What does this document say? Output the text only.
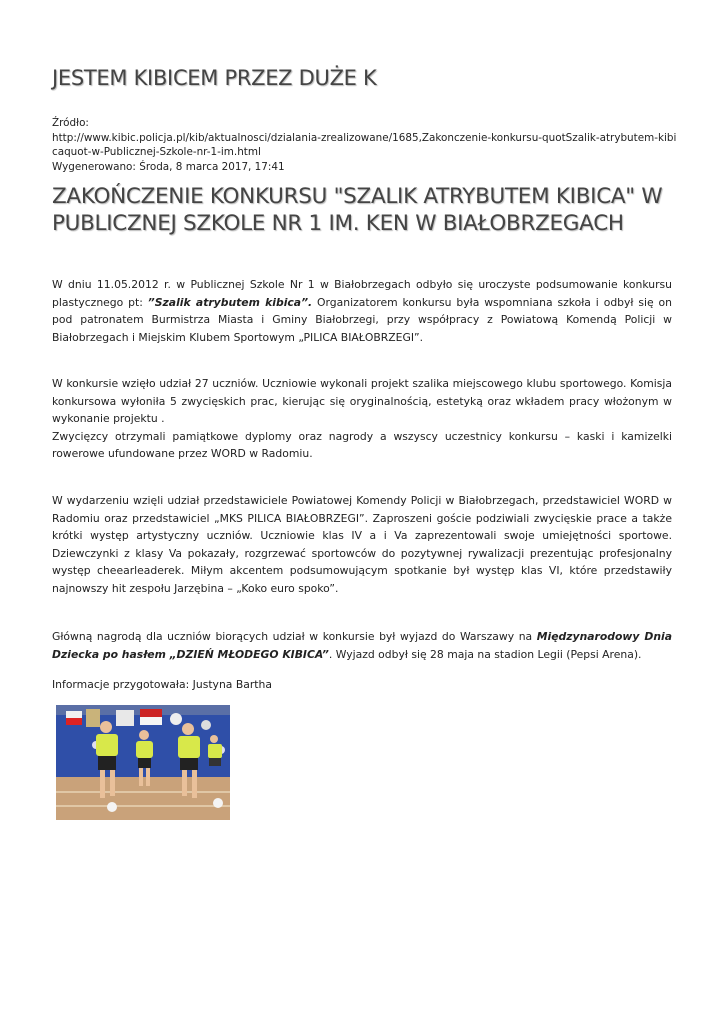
JESTEM KIBICEM PRZEZ DUŻE K
Źródło:
http://www.kibic.policja.pl/kib/aktualnosci/dzialania-zrealizowane/1685,Zakonczenie-konkursu-quotSzalik-atrybutem-kibicaquot-w-Publicznej-Szkole-nr-1-im.html
Wygenerowano: Środa, 8 marca 2017, 17:41
ZAKOŃCZENIE KONKURSU "SZALIK ATRYBUTEM KIBICA" W PUBLICZNEJ SZKOLE NR 1 IM. KEN W BIAŁOBRZEGACH

W dniu 11.05.2012 r. w Publicznej Szkole Nr 1 w Białobrzegach odbyło się uroczyste podsumowanie konkursu plastycznego pt: ”Szalik atrybutem kibica”. Organizatorem konkursu była wspomniana szkoła i odbył się on pod patronatem Burmistrza Miasta i Gminy Białobrzegi, przy współpracy z Powiatową Komendą Policji w Białobrzegach i Miejskim Klubem Sportowym „PILICA BIAŁOBRZEGI”.

W konkursie wzięło udział 27 uczniów. Uczniowie wykonali projekt szalika miejscowego klubu sportowego. Komisja konkursowa wyłoniła 5 zwycięskich prac, kierując się oryginalnością, estetyką oraz wkładem pracy włożonym w wykonanie projektu .
Zwycięzcy otrzymali pamiątkowe dyplomy oraz nagrody a wszyscy uczestnicy konkursu – kaski i kamizelki rowerowe ufundowane przez WORD w Radomiu.

W wydarzeniu wzięli udział przedstawiciele Powiatowej Komendy Policji w Białobrzegach, przedstawiciel WORD w Radomiu oraz przedstawiciel „MKS PILICA BIAŁOBRZEGI”. Zaproszeni goście podziwiali zwycięskie prace a także krótki występ artystyczny uczniów. Uczniowie klas IV a i Va zaprezentowali swoje umiejętności sportowe. Dziewczynki z klasy Va pokazały, rozgrzewać sportowców do pozytywnej rywalizacji prezentując profesjonalny występ cheearleaderek. Miłym akcentem podsumowującym spotkanie był występ klas VI, które przedstawiły najnowszy hit zespołu Jarzębina – „Koko euro spoko”.

Główną nagrodą dla uczniów biorących udział w konkursie był wyjazd do Warszawy na Międzynarodowy Dnia Dziecka po hasłem „DZIEŃ MŁODEGO KIBICA”. Wyjazd odbył się 28 maja na stadion Legii (Pepsi Arena).

Informacje przygotowała: Justyna Bartha
